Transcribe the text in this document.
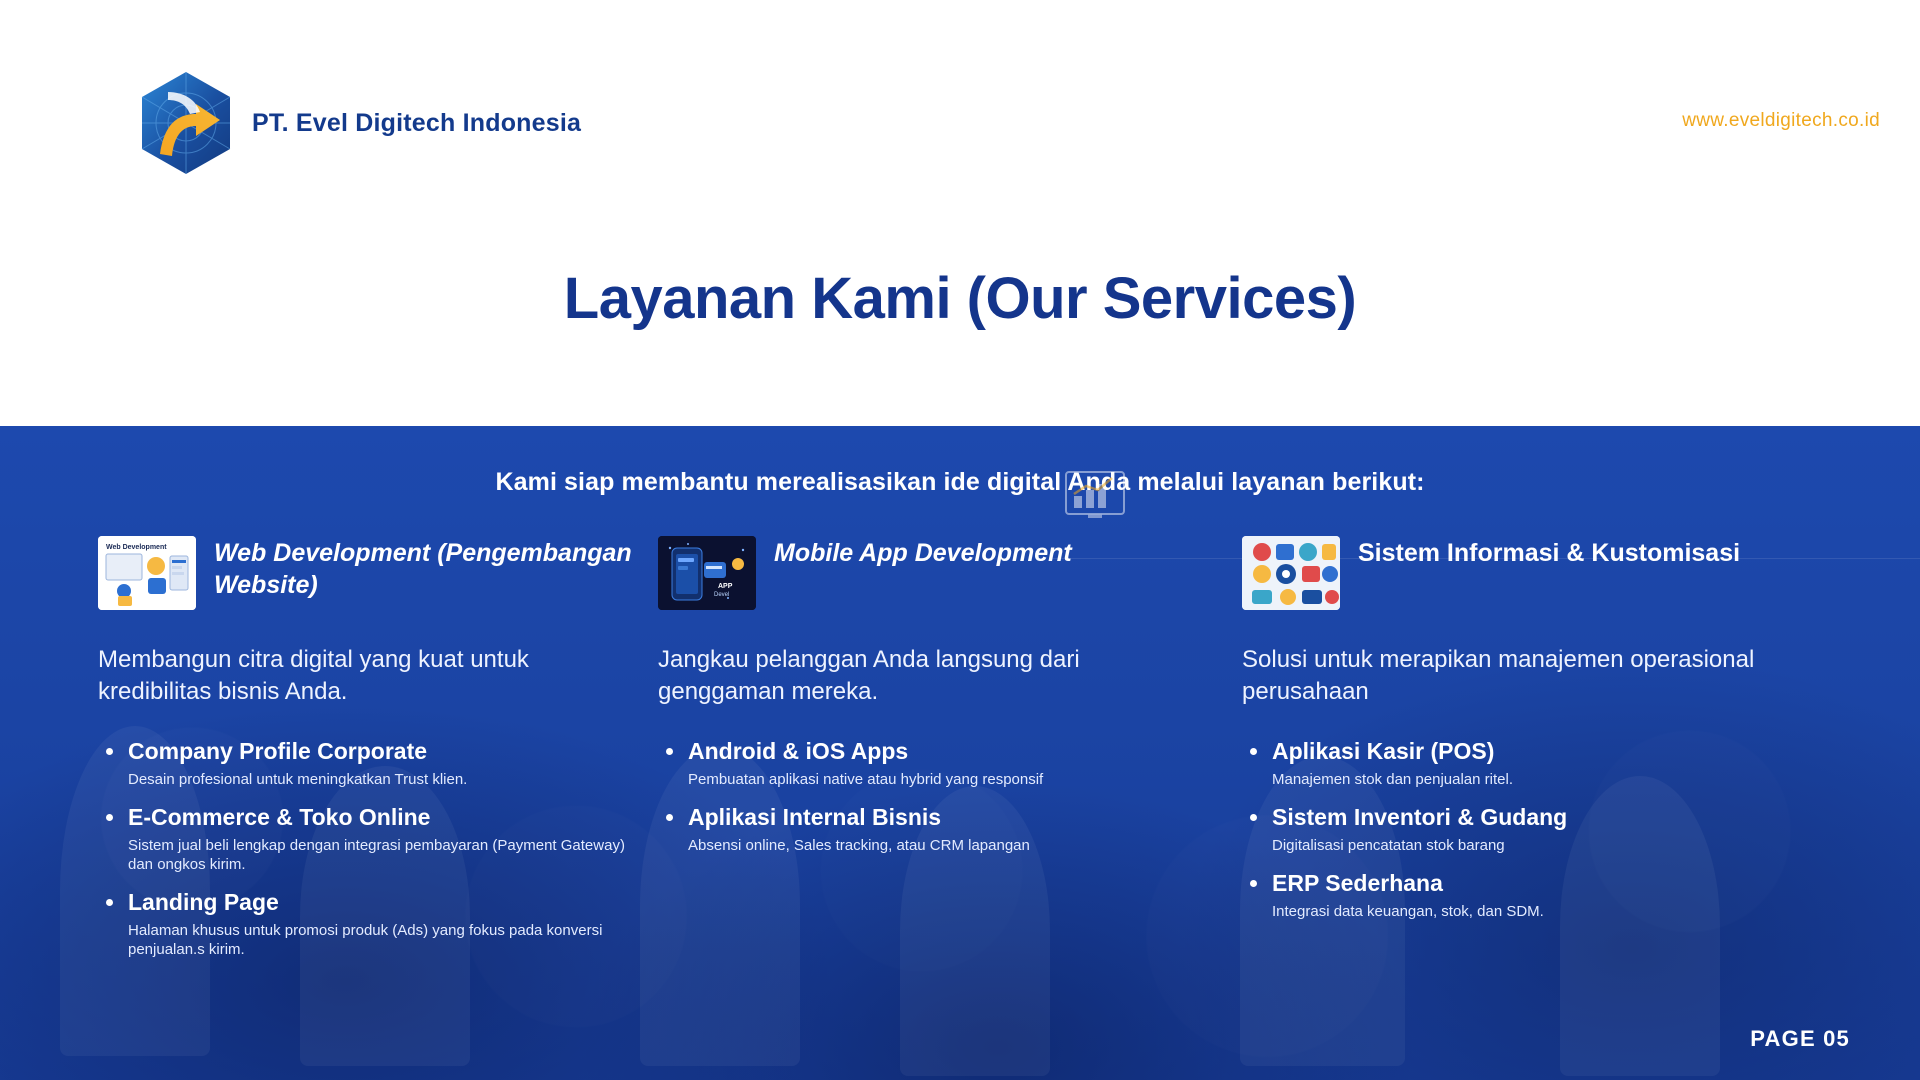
PT. Evel Digitech Indonesia	www.eveldigitech.co.id
Layanan Kami (Our Services)
Kami siap membantu merealisasikan ide digital Anda melalui layanan berikut:
Web Development Web Development (Pengembangan Website)
Membangun citra digital yang kuat untuk kredibilitas bisnis Anda.
Company Profile Corporate
Desain profesional untuk meningkatkan Trust klien.
E-Commerce & Toko Online
Sistem jual beli lengkap dengan integrasi pembayaran (Payment Gateway) dan ongkos kirim.
Landing Page
Halaman khusus untuk promosi produk (Ads) yang fokus pada konversi penjualan.s kirim.
APP
Devel
Mobile App Development
Jangkau pelanggan Anda langsung dari genggaman mereka.
Android & iOS Apps
Pembuatan aplikasi native atau hybrid yang responsif
Aplikasi Internal Bisnis
Absensi online, Sales tracking, atau CRM lapangan
Sistem Informasi & Kustomisasi
Solusi untuk merapikan manajemen operasional perusahaan
Aplikasi Kasir (POS)
Manajemen stok dan penjualan ritel.
Sistem Inventori & Gudang
Digitalisasi pencatatan stok barang
ERP Sederhana
Integrasi data keuangan, stok, dan SDM.
PAGE 05
